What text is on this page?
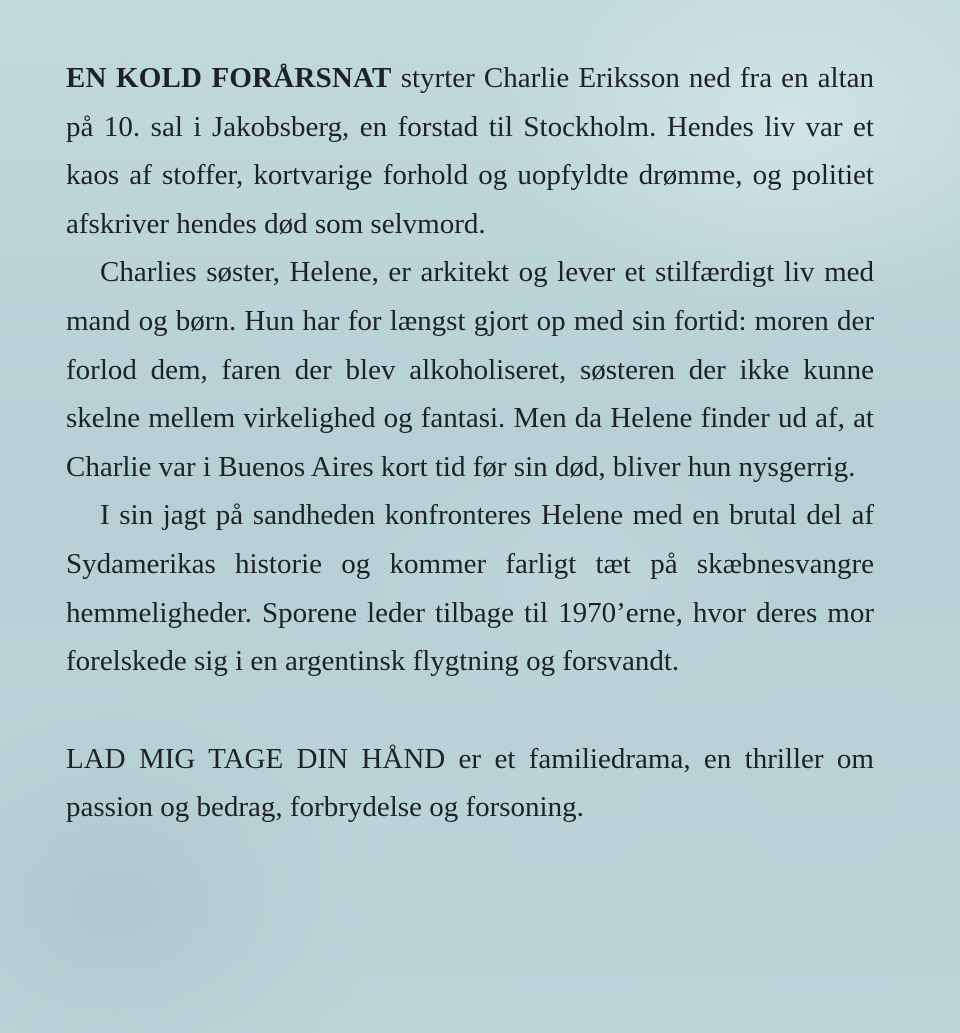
EN KOLD FORÅRSNAT styrter Charlie Eriksson ned fra en altan på 10. sal i Jakobsberg, en forstad til Stockholm. Hendes liv var et kaos af stoffer, kortvarige forhold og uopfyldte drømme, og politiet afskriver hendes død som selvmord.

Charlies søster, Helene, er arkitekt og lever et stilfærdigt liv med mand og børn. Hun har for længst gjort op med sin fortid: moren der forlod dem, faren der blev alkoholiseret, søsteren der ikke kunne skelne mellem virkelighed og fantasi. Men da Helene finder ud af, at Charlie var i Buenos Aires kort tid før sin død, bliver hun nysgerrig.

I sin jagt på sandheden konfronteres Helene med en brutal del af Sydamerikas historie og kommer farligt tæt på skæbnesvangre hemmeligheder. Sporene leder tilbage til 1970’erne, hvor deres mor forelskede sig i en argentinsk flygtning og forsvandt.

LAD MIG TAGE DIN HÅND er et familiedrama, en thriller om passion og bedrag, forbrydelse og forsoning.
